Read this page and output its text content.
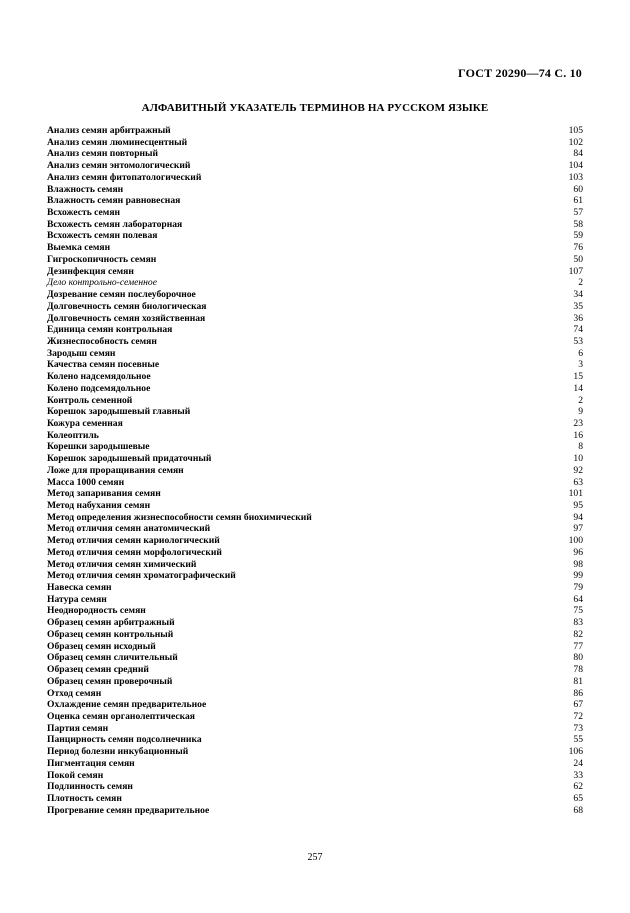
ГОСТ 20290—74 С. 10
АЛФАВИТНЫЙ УКАЗАТЕЛЬ ТЕРМИНОВ НА РУССКОМ ЯЗЫКЕ
Анализ семян арбитражный	105
Анализ семян люминесцентный	102
Анализ семян повторный	84
Анализ семян энтомологический	104
Анализ семян фитопатологический	103
Влажность семян	60
Влажность семян равновесная	61
Всхожесть семян	57
Всхожесть семян лабораторная	58
Всхожесть семян полевая	59
Выемка семян	76
Гигроскопичность семян	50
Дезинфекция семян	107
Дело контрольно-семенное	2
Дозревание семян послеуборочное	34
Долговечность семян биологическая	35
Долговечность семян хозяйственная	36
Единица семян контрольная	74
Жизнеспособность семян	53
Зародыш семян	6
Качества семян посевные	3
Колено надсемядольное	15
Колено подсемядольное	14
Контроль семенной	2
Корешок зародышевый главный	9
Кожура семенная	23
Колеоптиль	16
Корешки зародышевые	8
Корешок зародышевый придаточный	10
Ложе для проращивания семян	92
Масса 1000 семян	63
Метод запаривания семян	101
Метод набухания семян	95
Метод определения жизнеспособности семян биохимический	94
Метод отличия семян анатомический	97
Метод отличия семян кариологический	100
Метод отличия семян морфологический	96
Метод отличия семян химический	98
Метод отличия семян хроматографический	99
Навеска семян	79
Натура семян	64
Неоднородность семян	75
Образец семян арбитражный	83
Образец семян контрольный	82
Образец семян исходный	77
Образец семян сличительный	80
Образец семян средний	78
Образец семян проверочный	81
Отход семян	86
Охлаждение семян предварительное	67
Оценка семян органолептическая	72
Партия семян	73
Панцирность семян подсолнечника	55
Период болезни инкубационный	106
Пигментация семян	24
Покой семян	33
Подлинность семян	62
Плотность семян	65
Прогревание семян предварительное	68
257
